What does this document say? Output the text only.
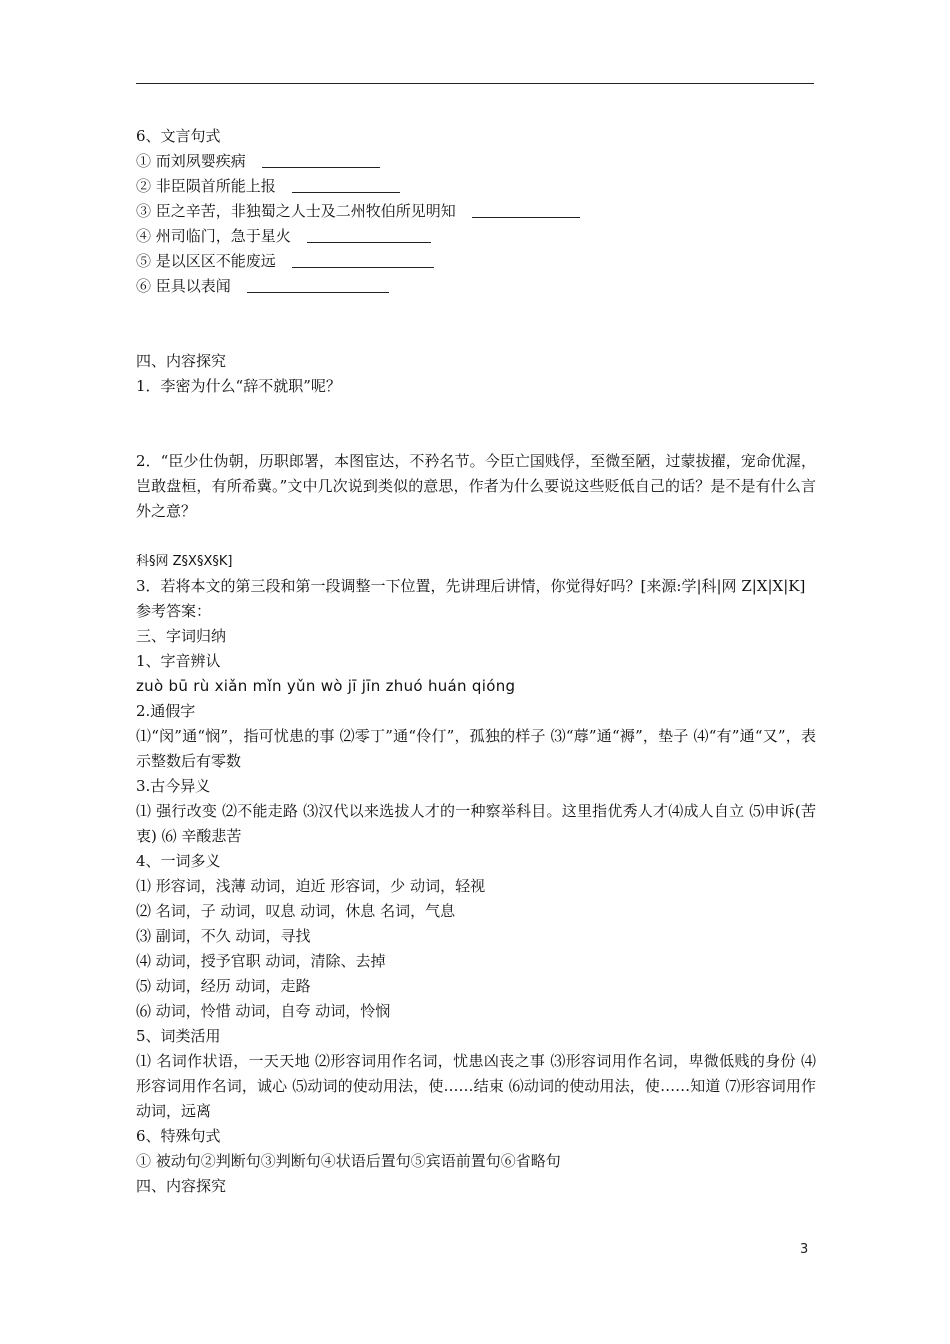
6、文言句式
① 而刘夙婴疾病
② 非臣陨首所能上报
③ 臣之辛苦，非独蜀之人士及二州牧伯所见明知
④ 州司临门，急于星火
⑤ 是以区区不能废远
⑥ 臣具以表闻
四、内容探究
1．李密为什么“辞不就职”呢？
2．“臣少仕伪朝，历职郎署，本图宦达，不矜名节。今臣亡国贱俘，至微至陋，过蒙拔擢，宠命优渥，岂敢盘桓，有所希冀。”文中几次说到类似的意思，作者为什么要说这些贬低自己的话？是不是有什么言外之意？
科§网 Z§X§X§K]
3．若将本文的第三段和第一段调整一下位置，先讲理后讲情，你觉得好吗？[来源:学|科|网 Z|X|X|K]
参考答案：
三、字词归纳
1、字音辨认
zuò bū rù xiǎn mǐn yǔn wò jī jīn zhuó huán qióng
2.通假字
⑴“闵”通“悯”，指可忧患的事 ⑵零丁”通“伶仃”，孤独的样子 ⑶“蓐”通“褥”，垫子 ⑷“有”通“又”，表示整数后有零数
3.古今异义
⑴ 强行改变 ⑵不能走路 ⑶汉代以来选拔人才的一种察举科目。这里指优秀人才⑷成人自立 ⑸申诉(苦衷) ⑹ 辛酸悲苦
4、一词多义
⑴ 形容词，浅薄 动词，迫近 形容词，少 动词，轻视
⑵ 名词，子 动词，叹息 动词，休息 名词，气息
⑶ 副词，不久 动词，寻找
⑷ 动词，授予官职 动词，清除、去掉
⑸ 动词，经历 动词，走路
⑹ 动词，怜惜 动词，自夸 动词，怜悯
5、词类活用
⑴ 名词作状语，一天天地 ⑵形容词用作名词，忧患凶丧之事 ⑶形容词用作名词，卑微低贱的身份 ⑷ 形容词用作名词，诚心 ⑸动词的使动用法，使……结束 ⑹动词的使动用法，使……知道 ⑺形容词用作动词，远离
6、特殊句式
① 被动句②判断句③判断句④状语后置句⑤宾语前置句⑥省略句
四、内容探究
3
